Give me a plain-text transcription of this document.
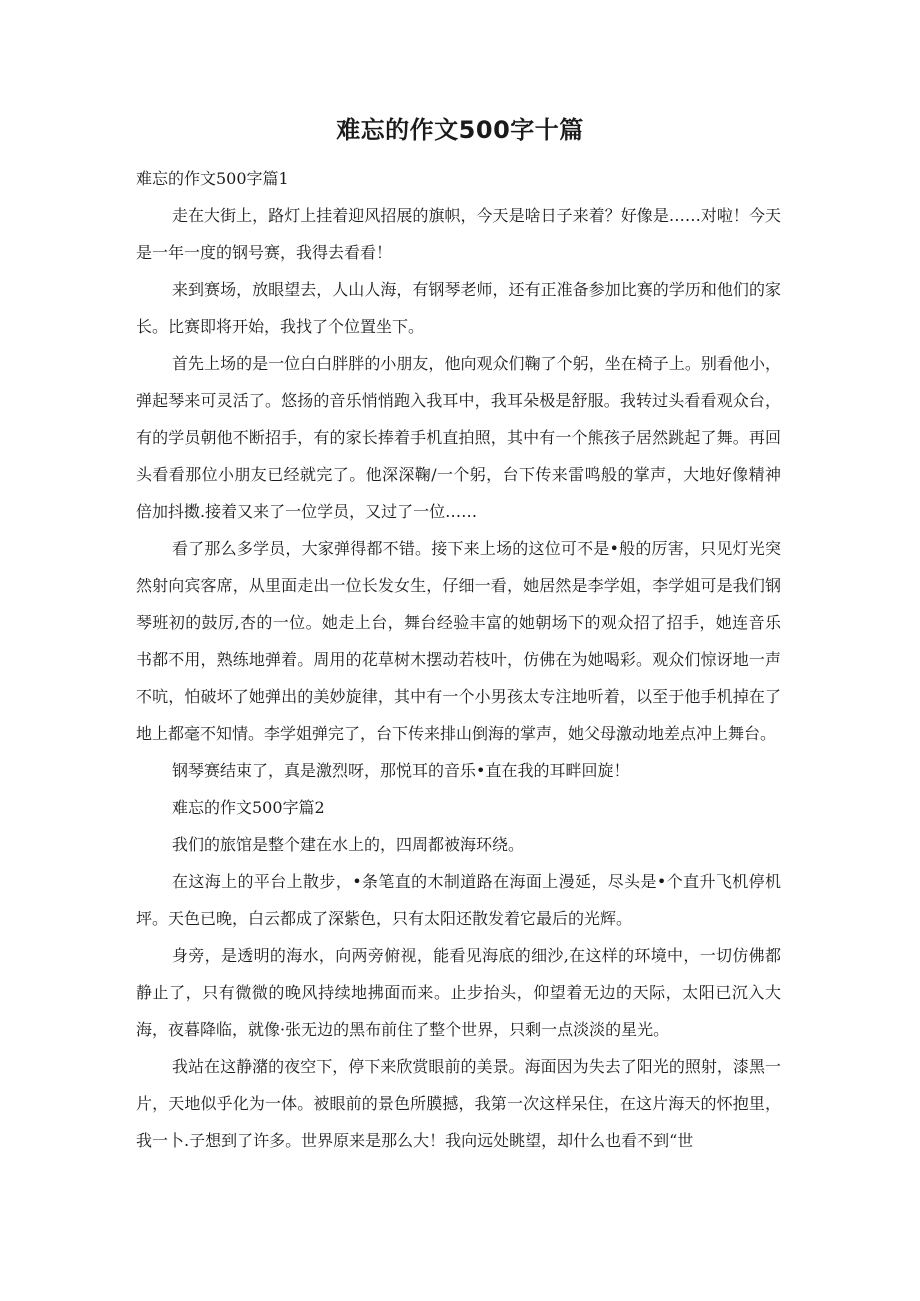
难忘的作文500字十篇
难忘的作文500字篇1

走在大街上，路灯上挂着迎风招展的旗帜，今天是啥日子来着？好像是……对啦！今天是一年一度的钢号赛，我得去看看！

来到赛场，放眼望去，人山人海，有钢琴老师，还有正准备参加比赛的学历和他们的家长。比赛即将开始，我找了个位置坐下。

首先上场的是一位白白胖胖的小朋友，他向观众们鞠了个躬，坐在椅子上。别看他小，弹起琴来可灵活了。悠扬的音乐悄悄跑入我耳中，我耳朵极是舒服。我转过头看看观众台，有的学员朝他不断招手，有的家长捧着手机直拍照，其中有一个熊孩子居然跳起了舞。再回头看看那位小朋友已经就完了。他深深鞠/一个躬，台下传来雷鸣般的掌声，大地好像精神倍加抖擞.接着又来了一位学员，又过了一位……

看了那么多学员，大家弹得都不错。接下来上场的这位可不是•般的厉害，只见灯光突然射向宾客席，从里面走出一位长发女生，仔细一看，她居然是李学姐，李学姐可是我们钢琴班初的鼓厉,杏的一位。她走上台，舞台经验丰富的她朝场下的观众招了招手，她连音乐书都不用，熟练地弹着。周用的花草树木摆动若枝叶，仿佛在为她喝彩。观众们惊讶地一声不吭，怕破坏了她弹出的美妙旋律，其中有一个小男孩太专注地听着，以至于他手机掉在了地上都毫不知情。李学姐弹完了，台下传来排山倒海的掌声，她父母激动地差点冲上舞台。

钢琴赛结束了，真是激烈呀，那悦耳的音乐•直在我的耳畔回旋！

难忘的作文500字篇2

我们的旅馆是整个建在水上的，四周都被海环绕。

在这海上的平台上散步，•条笔直的木制道路在海面上漫延，尽头是•个直升飞机停机坪。天色已晚，白云都成了深紫色，只有太阳还散发着它最后的光辉。

身旁，是透明的海水，向两旁俯视，能看见海底的细沙,在这样的环境中，一切仿佛都静止了，只有微微的晚风持续地拂面而来。止步抬头，仰望着无边的天际，太阳已沉入大海，夜暮降临，就像·张无边的黑布前住了整个世界，只剩一点淡淡的星光。

我站在这静潴的夜空下，停下来欣赏眼前的美景。海面因为失去了阳光的照射，漆黑一片，天地似乎化为一体。被眼前的景色所膜撼，我第一次这样呆住，在这片海天的怀抱里，我一卜.子想到了许多。世界原来是那么大！我向远处眺望，却什么也看不到“世
